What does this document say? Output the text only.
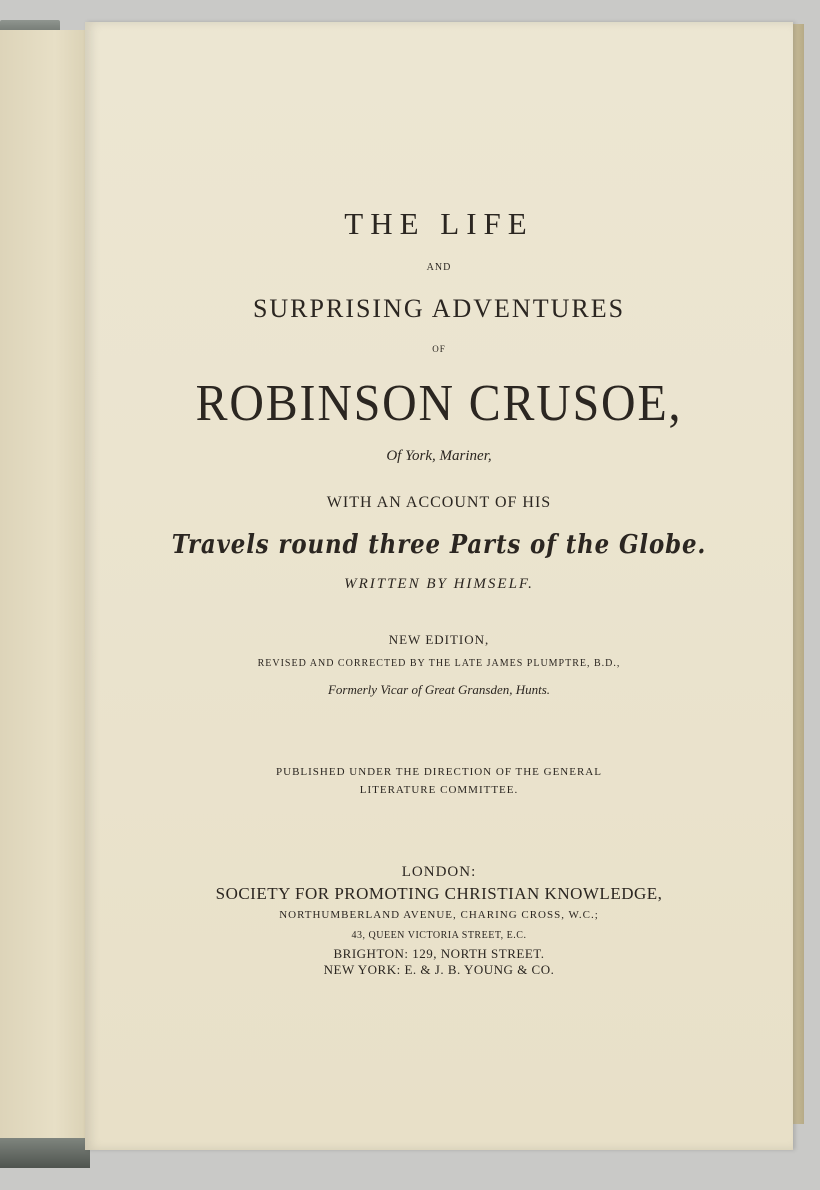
THE LIFE
AND
SURPRISING ADVENTURES
OF
ROBINSON CRUSOE,
Of York, Mariner,
WITH AN ACCOUNT OF HIS
Travels round three Parts of the Globe.
WRITTEN BY HIMSELF.
NEW EDITION,
REVISED AND CORRECTED BY THE LATE JAMES PLUMPTRE, B.D.,
Formerly Vicar of Great Gransden, Hunts.
PUBLISHED UNDER THE DIRECTION OF THE GENERAL
LITERATURE COMMITTEE.
LONDON:
SOCIETY FOR PROMOTING CHRISTIAN KNOWLEDGE,
NORTHUMBERLAND AVENUE, CHARING CROSS, W.C.;
43, QUEEN VICTORIA STREET, E.C.
BRIGHTON: 129, NORTH STREET.
NEW YORK: E. & J. B. YOUNG & CO.
